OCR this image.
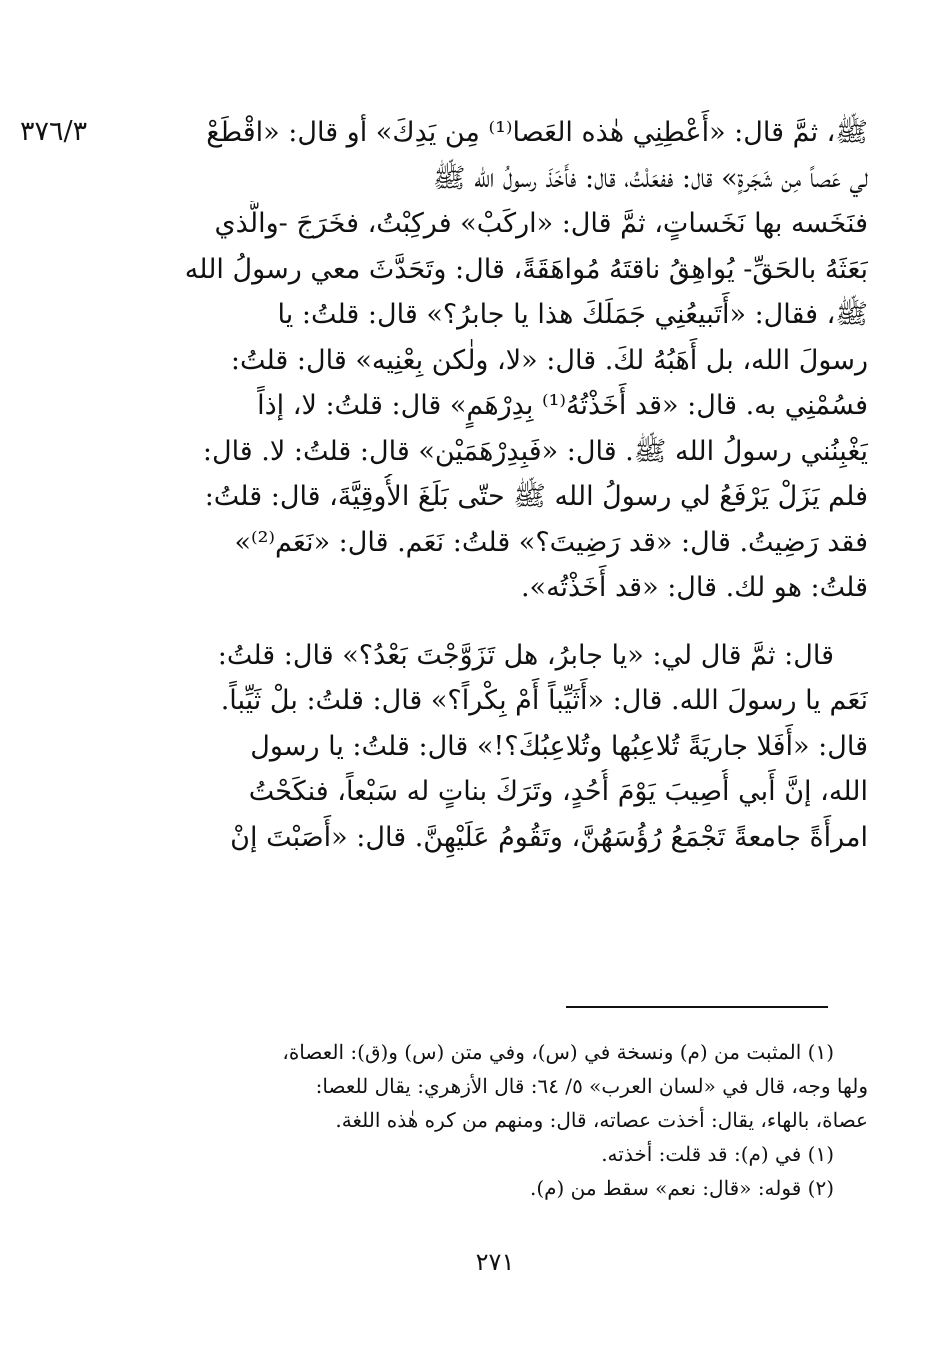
٣٧٦/٣	ﷺ، ثمَّ قال: «أَعْطِنِي هٰذه العَصا⁽¹⁾ مِن يَدِكَ» أو قال: «اقْطَعْ
لي عَصاً مِن شَجَرةٍ» قال: ففعَلْتُ، قال: فأَخَذَ رسولُ الله ﷺ
فنَخَسه بها نَخَساتٍ، ثمَّ قال: «اركَبْ» فركِبْتُ، فخَرَجَ -والَّذي
بَعَثَهُ بالحَقِّ- يُواهِقُ ناقتَهُ مُواهَقَةً، قال: وتَحَدَّثَ معي رسولُ الله
ﷺ، فقال: «أَتَبيعُنِي جَمَلَكَ هذا يا جابرُ؟» قال: قلتُ: يا
رسولَ الله، بل أَهَبُهُ لكَ. قال: «لا، ولٰكن بِعْنِيه» قال: قلتُ:
فسُمْنِي به. قال: «قد أَخَذْتُهُ⁽¹⁾ بِدِرْهَمٍ» قال: قلتُ: لا، إذاً
يَغْبِنُني رسولُ الله ﷺ. قال: «فَبِدِرْهَمَيْن» قال: قلتُ: لا. قال:
فلم يَزَلْ يَرْفَعُ لي رسولُ الله ﷺ حتّى بَلَغَ الأُوقِيَّةَ، قال: قلتُ:
فقد رَضِيتُ. قال: «قد رَضِيتَ؟» قلتُ: نَعَم. قال: «نَعَم⁽²⁾»
قلتُ: هو لك. قال: «قد أَخَذْتُه».
قال: ثمَّ قال لي: «يا جابرُ، هل تَزَوَّجْتَ بَعْدُ؟» قال: قلتُ:
نَعَم يا رسولَ الله. قال: «أَثَيِّباً أَمْ بِكْراً؟» قال: قلتُ: بلْ ثَيِّباً.
قال: «أَفَلا جاريَةً تُلاعِبُها وتُلاعِبُكَ؟!» قال: قلتُ: يا رسول
الله، إنَّ أَبي أُصِيبَ يَوْمَ أُحُدٍ، وتَرَكَ بناتٍ له سَبْعاً، فنكَحْتُ
امرأَةً جامعةً تَجْمَعُ رُؤُسَهُنَّ، وتَقُومُ عَلَيْهِنَّ. قال: «أَصَبْتَ إنْ
(١) المثبت من (م) ونسخة في (س)، وفي متن (س) و(ق): العصاة،
ولها وجه، قال في «لسان العرب» ٥/ ٦٤: قال الأزهري: يقال للعصا:
عصاة، بالهاء، يقال: أخذت عصاته، قال: ومنهم من كره هٰذه اللغة.
(١) في (م): قد قلت: أخذته.
(٢) قوله: «قال: نعم» سقط من (م).
٢٧١
